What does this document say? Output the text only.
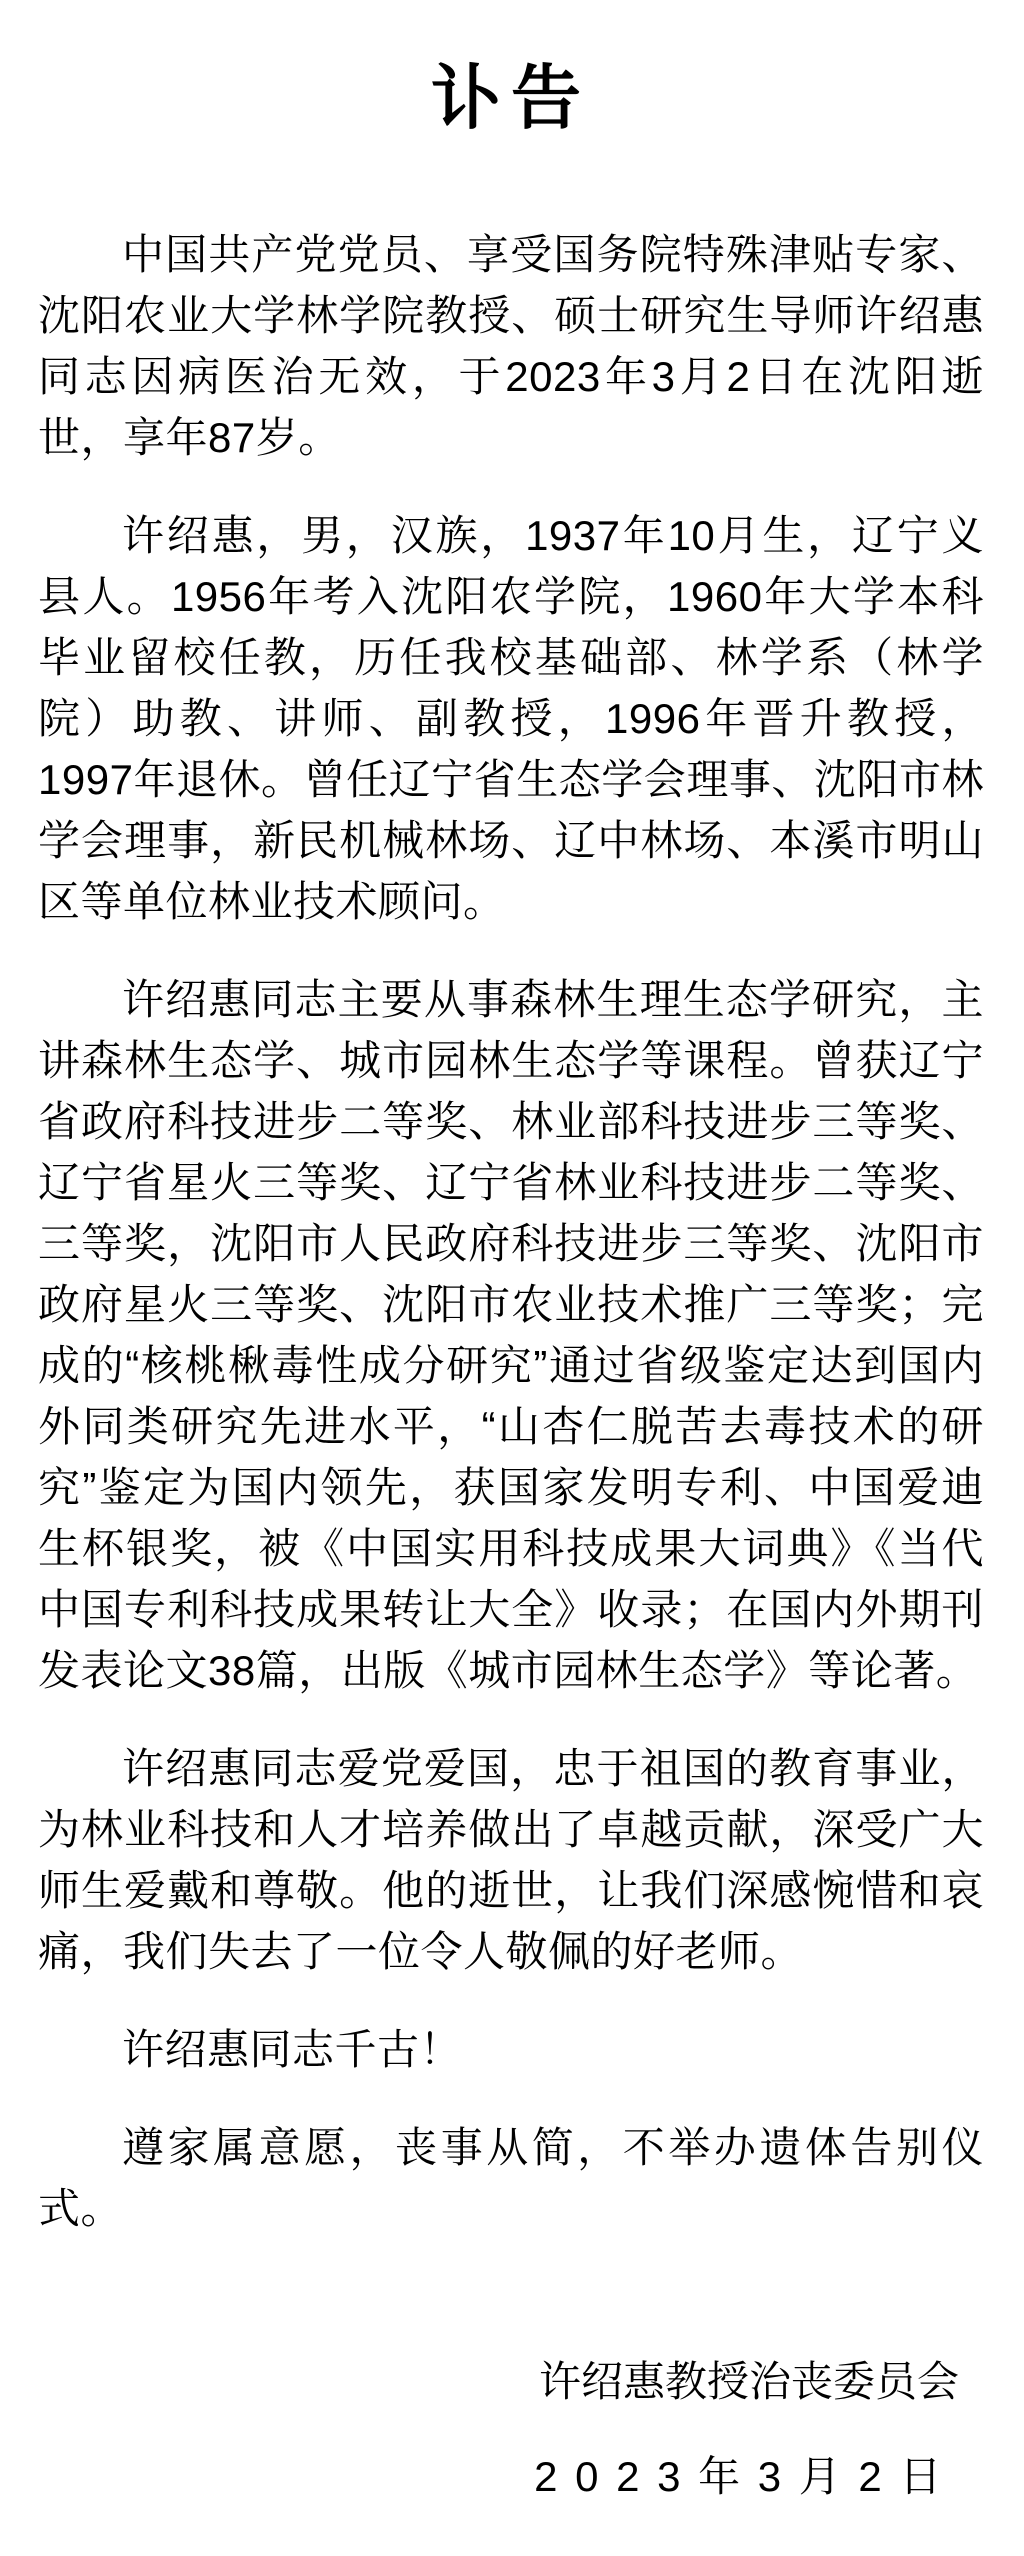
讣告

中国共产党党员、享受国务院特殊津贴专家、沈阳农业大学林学院教授、硕士研究生导师许绍惠同志因病医治无效，于2023年3月2日在沈阳逝世，享年87岁。

许绍惠，男，汉族，1937年10月生，辽宁义县人。1956年考入沈阳农学院，1960年大学本科毕业留校任教，历任我校基础部、林学系（林学院）助教、讲师、副教授，1996年晋升教授，1997年退休。曾任辽宁省生态学会理事、沈阳市林学会理事，新民机械林场、辽中林场、本溪市明山区等单位林业技术顾问。

许绍惠同志主要从事森林生理生态学研究，主讲森林生态学、城市园林生态学等课程。曾获辽宁省政府科技进步二等奖、林业部科技进步三等奖、辽宁省星火三等奖、辽宁省林业科技进步二等奖、三等奖，沈阳市人民政府科技进步三等奖、沈阳市政府星火三等奖、沈阳市农业技术推广三等奖；完成的“核桃楸毒性成分研究”通过省级鉴定达到国内外同类研究先进水平，“山杏仁脱苦去毒技术的研究”鉴定为国内领先，获国家发明专利、中国爱迪生杯银奖，被《中国实用科技成果大词典》《当代中国专利科技成果转让大全》收录；在国内外期刊发表论文38篇，出版《城市园林生态学》等论著。

许绍惠同志爱党爱国，忠于祖国的教育事业，为林业科技和人才培养做出了卓越贡献，深受广大师生爱戴和尊敬。他的逝世，让我们深感惋惜和哀痛，我们失去了一位令人敬佩的好老师。

许绍惠同志千古！

遵家属意愿，丧事从简，不举办遗体告别仪式。

许绍惠教授治丧委员会

2023年3月2日
